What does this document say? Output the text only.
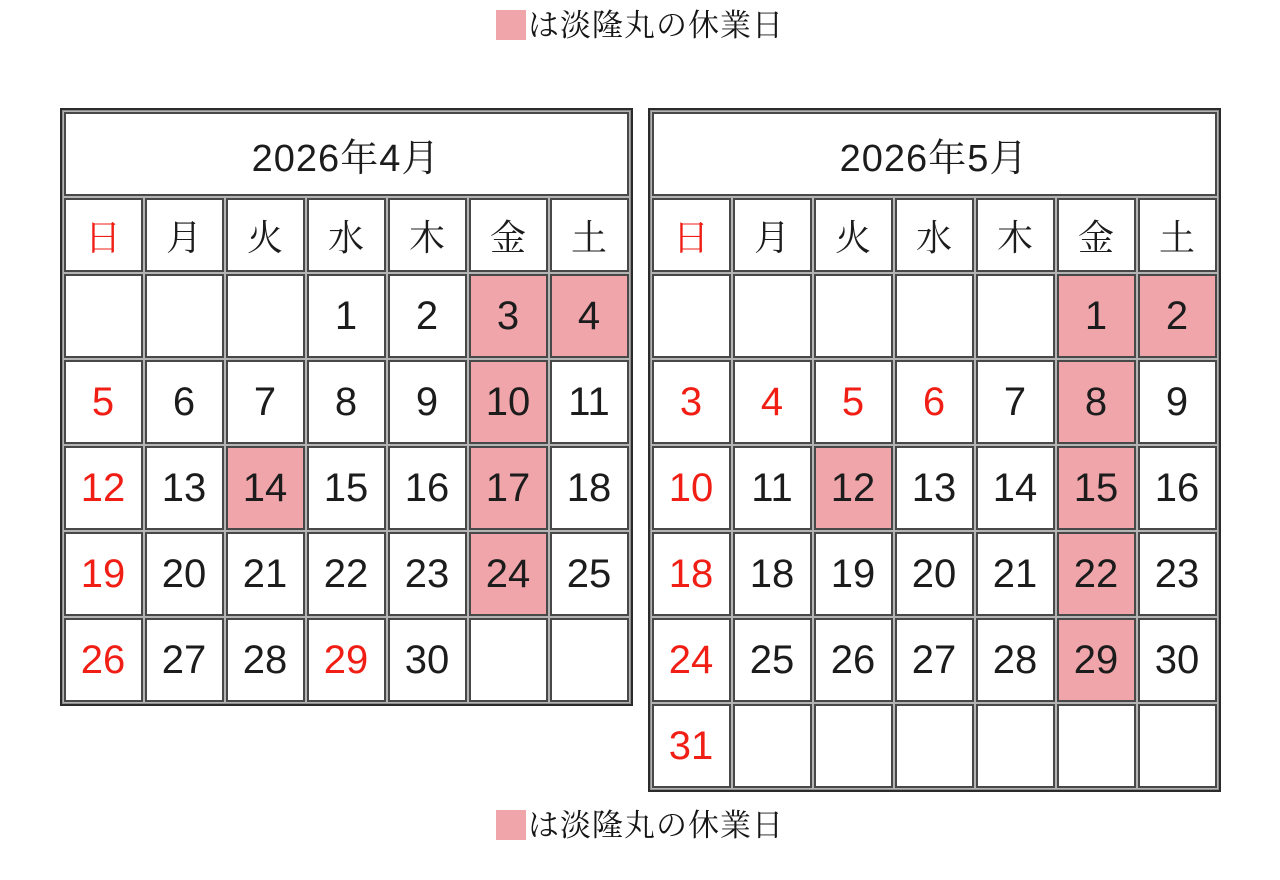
は淡隆丸の休業日
2026年4月						
日	月	火	水	木	金	土
			1	2	3	4
5	6	7	8	9	10	11
12	13	14	15	16	17	18
19	20	21	22	23	24	25
26	27	28	29	30		
2026年5月						
日	月	火	水	木	金	土
					1	2
3	4	5	6	7	8	9
10	11	12	13	14	15	16
18	18	19	20	21	22	23
24	25	26	27	28	29	30
31						
は淡隆丸の休業日
